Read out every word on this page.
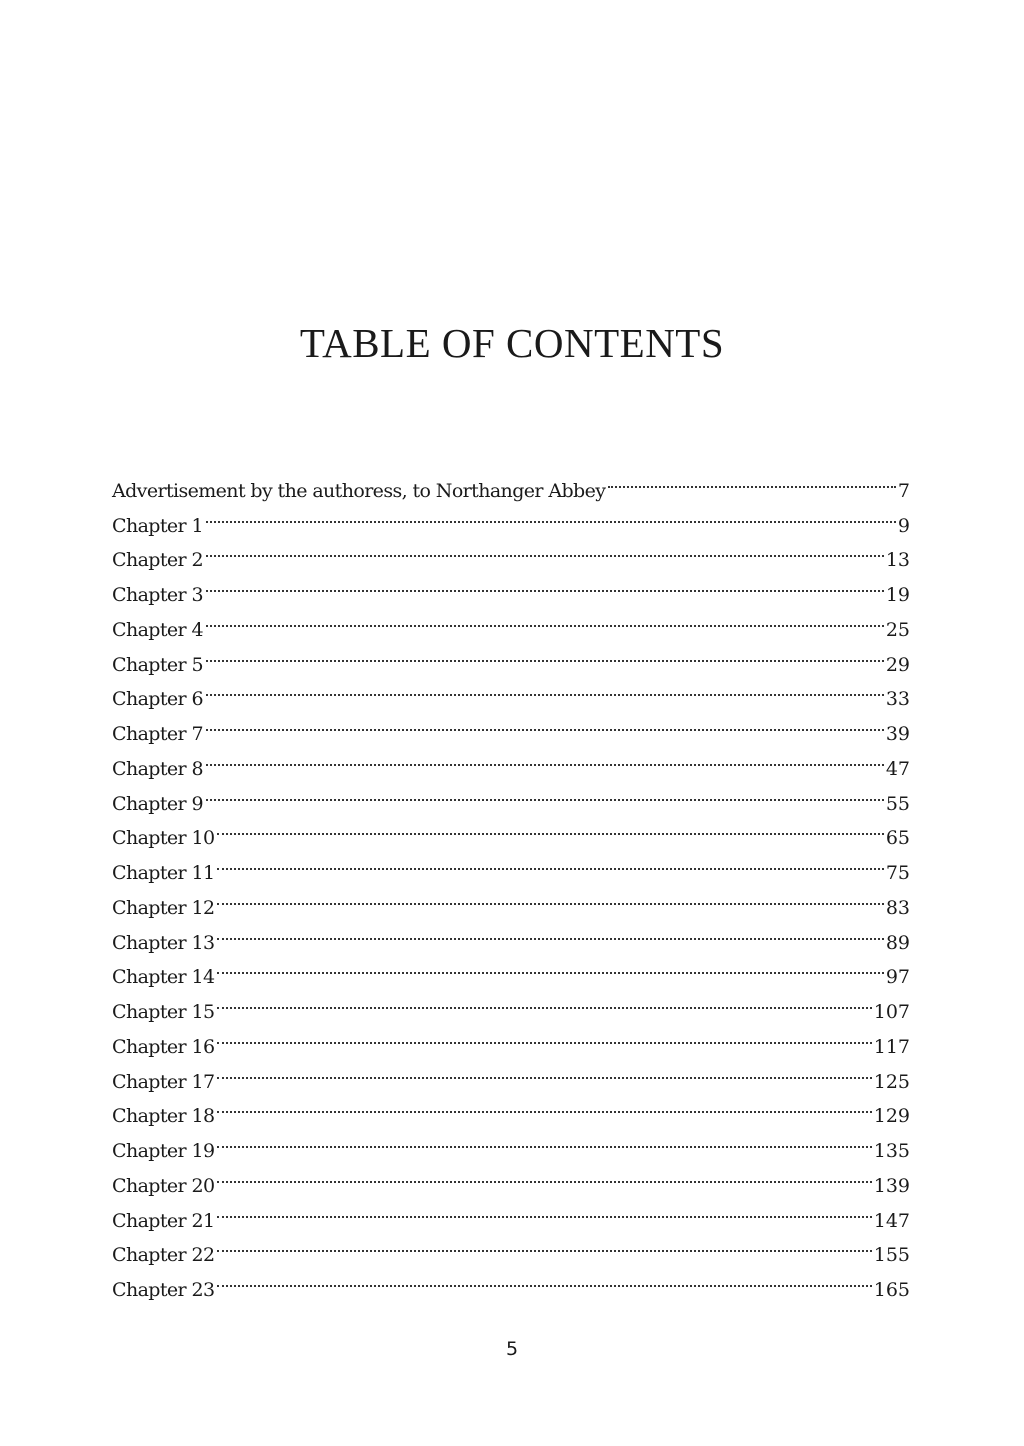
TABLE OF CONTENTS
Advertisement by the authoress, to Northanger Abbey	7
Chapter 1	9
Chapter 2	13
Chapter 3	19
Chapter 4	25
Chapter 5	29
Chapter 6	33
Chapter 7	39
Chapter 8	47
Chapter 9	55
Chapter 10	65
Chapter 11	75
Chapter 12	83
Chapter 13	89
Chapter 14	97
Chapter 15	107
Chapter 16	117
Chapter 17	125
Chapter 18	129
Chapter 19	135
Chapter 20	139
Chapter 21	147
Chapter 22	155
Chapter 23	165
5
